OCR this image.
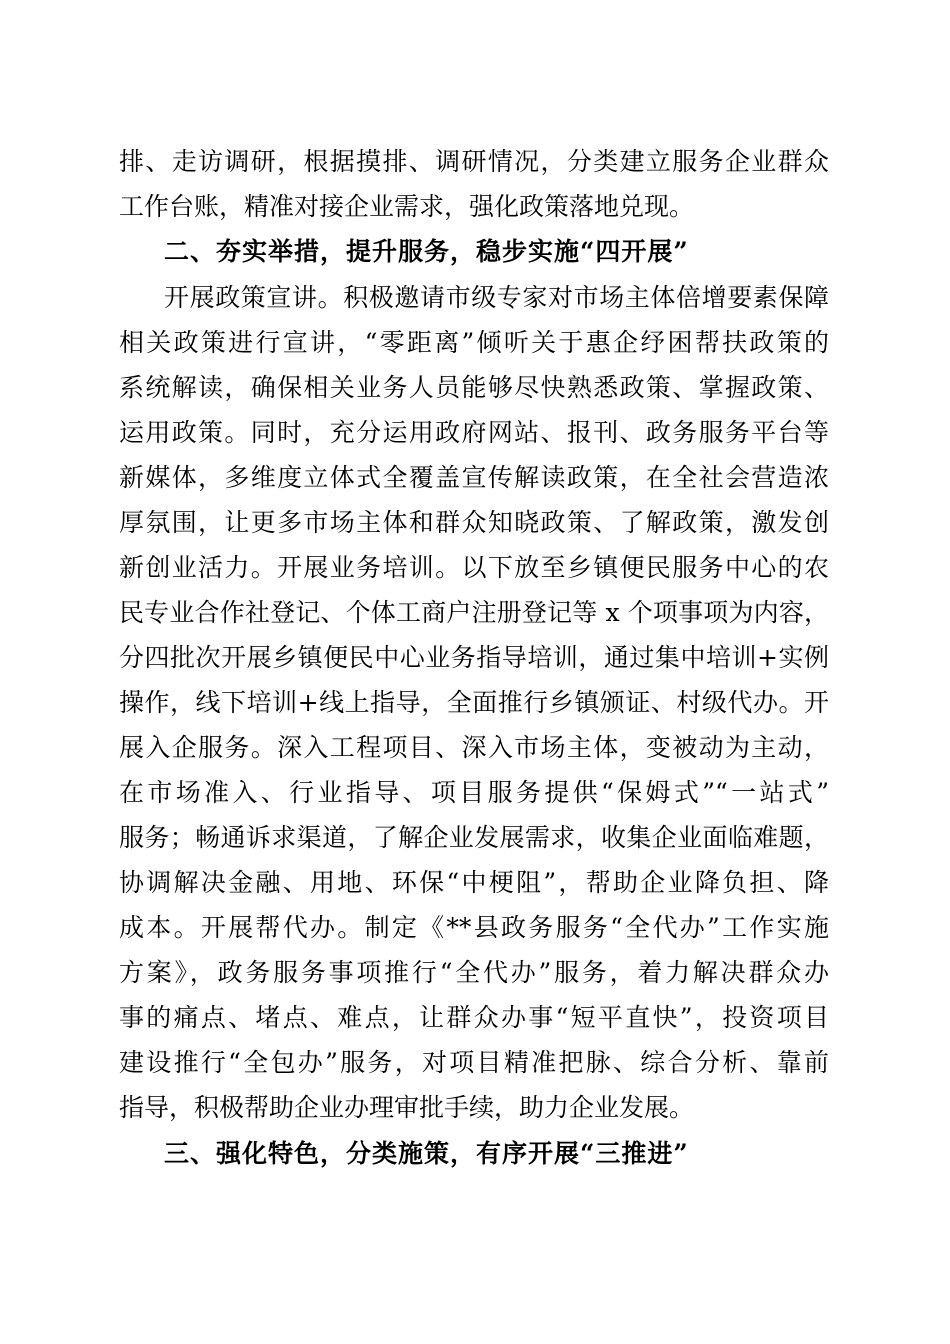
排、走访调研，根据摸排、调研情况，分类建立服务企业群众
工作台账，精准对接企业需求，强化政策落地兑现。
二、夯实举措，提升服务，稳步实施“四开展”
开展政策宣讲。积极邀请市级专家对市场主体倍增要素保障
相关政策进行宣讲，“零距离”倾听关于惠企纾困帮扶政策的
系统解读，确保相关业务人员能够尽快熟悉政策、掌握政策、
运用政策。同时，充分运用政府网站、报刊、政务服务平台等
新媒体，多维度立体式全覆盖宣传解读政策，在全社会营造浓
厚氛围，让更多市场主体和群众知晓政策、了解政策，激发创
新创业活力。开展业务培训。以下放至乡镇便民服务中心的农
民专业合作社登记、个体工商户注册登记等 x 个项事项为内容，
分四批次开展乡镇便民中心业务指导培训，通过集中培训+实例
操作，线下培训+线上指导，全面推行乡镇颁证、村级代办。开
展入企服务。深入工程项目、深入市场主体，变被动为主动，
在市场准入、行业指导、项目服务提供“保姆式”“一站式”
服务；畅通诉求渠道，了解企业发展需求，收集企业面临难题，
协调解决金融、用地、环保“中梗阻”，帮助企业降负担、降
成本。开展帮代办。制定《**县政务服务“全代办”工作实施
方案》，政务服务事项推行“全代办”服务，着力解决群众办
事的痛点、堵点、难点，让群众办事“短平直快”，投资项目
建设推行“全包办”服务，对项目精准把脉、综合分析、靠前
指导，积极帮助企业办理审批手续，助力企业发展。
三、强化特色，分类施策，有序开展“三推进”
